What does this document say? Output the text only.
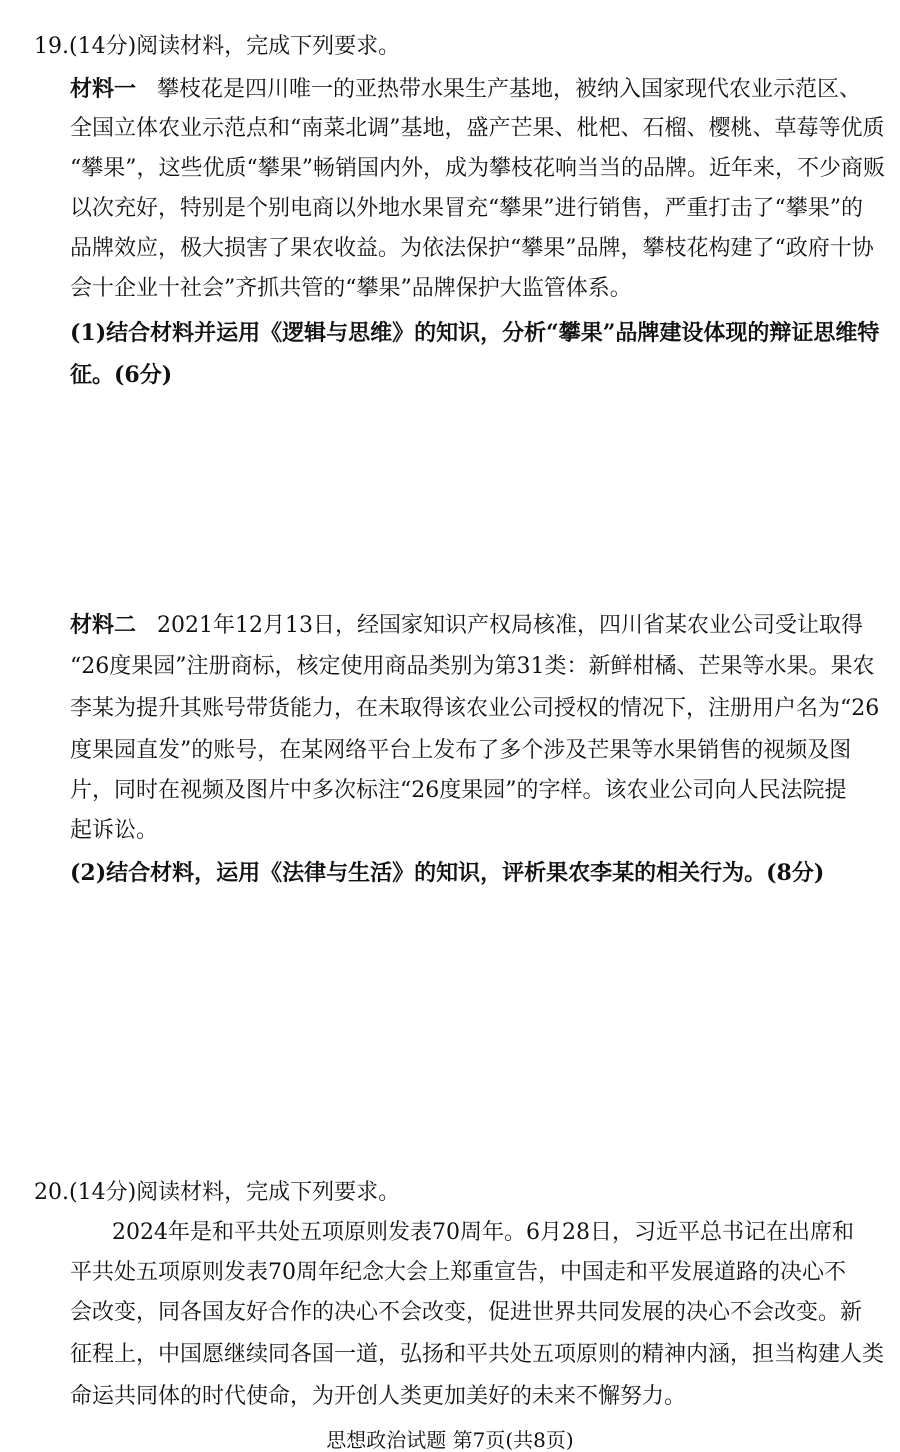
19.(14分)阅读材料，完成下列要求。
材料一 攀枝花是四川唯一的亚热带水果生产基地，被纳入国家现代农业示范区、
全国立体农业示范点和“南菜北调”基地，盛产芒果、枇杷、石榴、樱桃、草莓等优质
“攀果”，这些优质“攀果”畅销国内外，成为攀枝花响当当的品牌。近年来，不少商贩
以次充好，特别是个别电商以外地水果冒充“攀果”进行销售，严重打击了“攀果”的
品牌效应，极大损害了果农收益。为依法保护“攀果”品牌，攀枝花构建了“政府十协
会十企业十社会”齐抓共管的“攀果”品牌保护大监管体系。
(1)结合材料并运用《逻辑与思维》的知识，分析“攀果”品牌建设体现的辩证思维特
征。(6分)
材料二 2021年12月13日，经国家知识产权局核准，四川省某农业公司受让取得
“26度果园”注册商标，核定使用商品类别为第31类：新鲜柑橘、芒果等水果。果农
李某为提升其账号带货能力，在未取得该农业公司授权的情况下，注册用户名为“26
度果园直发”的账号，在某网络平台上发布了多个涉及芒果等水果销售的视频及图
片，同时在视频及图片中多次标注“26度果园”的字样。该农业公司向人民法院提
起诉讼。
(2)结合材料，运用《法律与生活》的知识，评析果农李某的相关行为。(8分)
20.(14分)阅读材料，完成下列要求。
2024年是和平共处五项原则发表70周年。6月28日，习近平总书记在出席和
平共处五项原则发表70周年纪念大会上郑重宣告，中国走和平发展道路的决心不
会改变，同各国友好合作的决心不会改变，促进世界共同发展的决心不会改变。新
征程上，中国愿继续同各国一道，弘扬和平共处五项原则的精神内涵，担当构建人类
命运共同体的时代使命，为开创人类更加美好的未来不懈努力。
思想政治试题 第7页(共8页)
